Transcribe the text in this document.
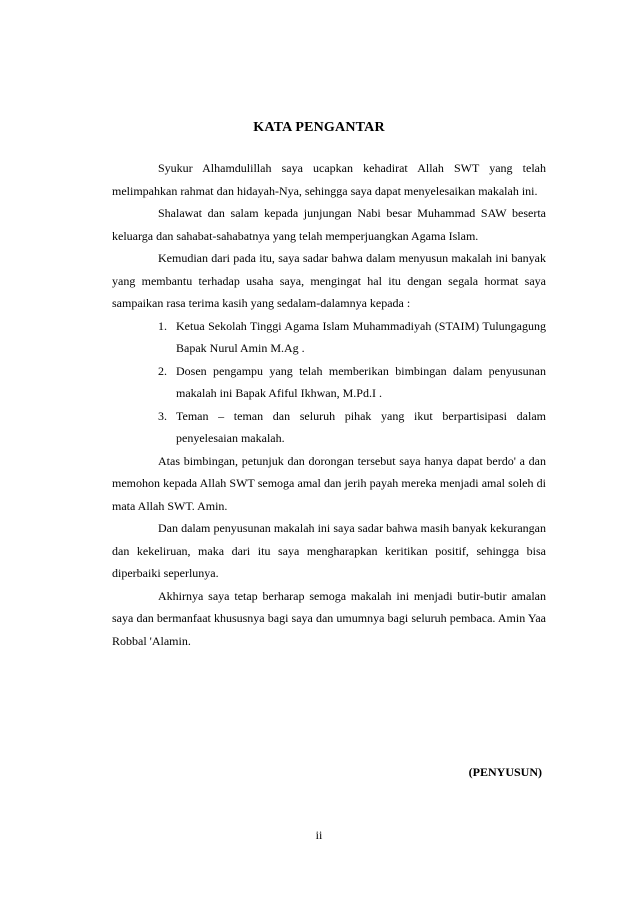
KATA PENGANTAR

Syukur Alhamdulillah saya ucapkan kehadirat Allah SWT yang telah melimpahkan rahmat dan hidayah-Nya, sehingga saya dapat menyelesaikan makalah ini.

Shalawat dan salam kepada junjungan Nabi besar Muhammad SAW beserta keluarga dan sahabat-sahabatnya yang telah memperjuangkan Agama Islam.

Kemudian dari pada itu, saya sadar bahwa dalam menyusun makalah ini banyak yang membantu terhadap usaha saya, mengingat hal itu dengan segala hormat saya sampaikan rasa terima kasih yang sedalam-dalamnya kepada :

1. Ketua Sekolah Tinggi Agama Islam Muhammadiyah (STAIM) Tulungagung Bapak Nurul Amin M.Ag .
2. Dosen pengampu yang telah memberikan bimbingan dalam penyusunan makalah ini Bapak Afiful Ikhwan, M.Pd.I .
3. Teman – teman dan seluruh pihak yang ikut berpartisipasi dalam penyelesaian makalah.

Atas bimbingan, petunjuk dan dorongan tersebut saya hanya dapat berdo' a dan memohon kepada Allah SWT semoga amal dan jerih payah mereka menjadi amal soleh di mata Allah SWT. Amin.

Dan dalam penyusunan makalah ini saya sadar bahwa masih banyak kekurangan dan kekeliruan, maka dari itu saya mengharapkan keritikan positif, sehingga bisa diperbaiki seperlunya.

Akhirnya saya tetap berharap semoga makalah ini menjadi butir-butir amalan saya dan bermanfaat khususnya bagi saya dan umumnya bagi seluruh pembaca. Amin Yaa Robbal 'Alamin.

(PENYUSUN)
ii
